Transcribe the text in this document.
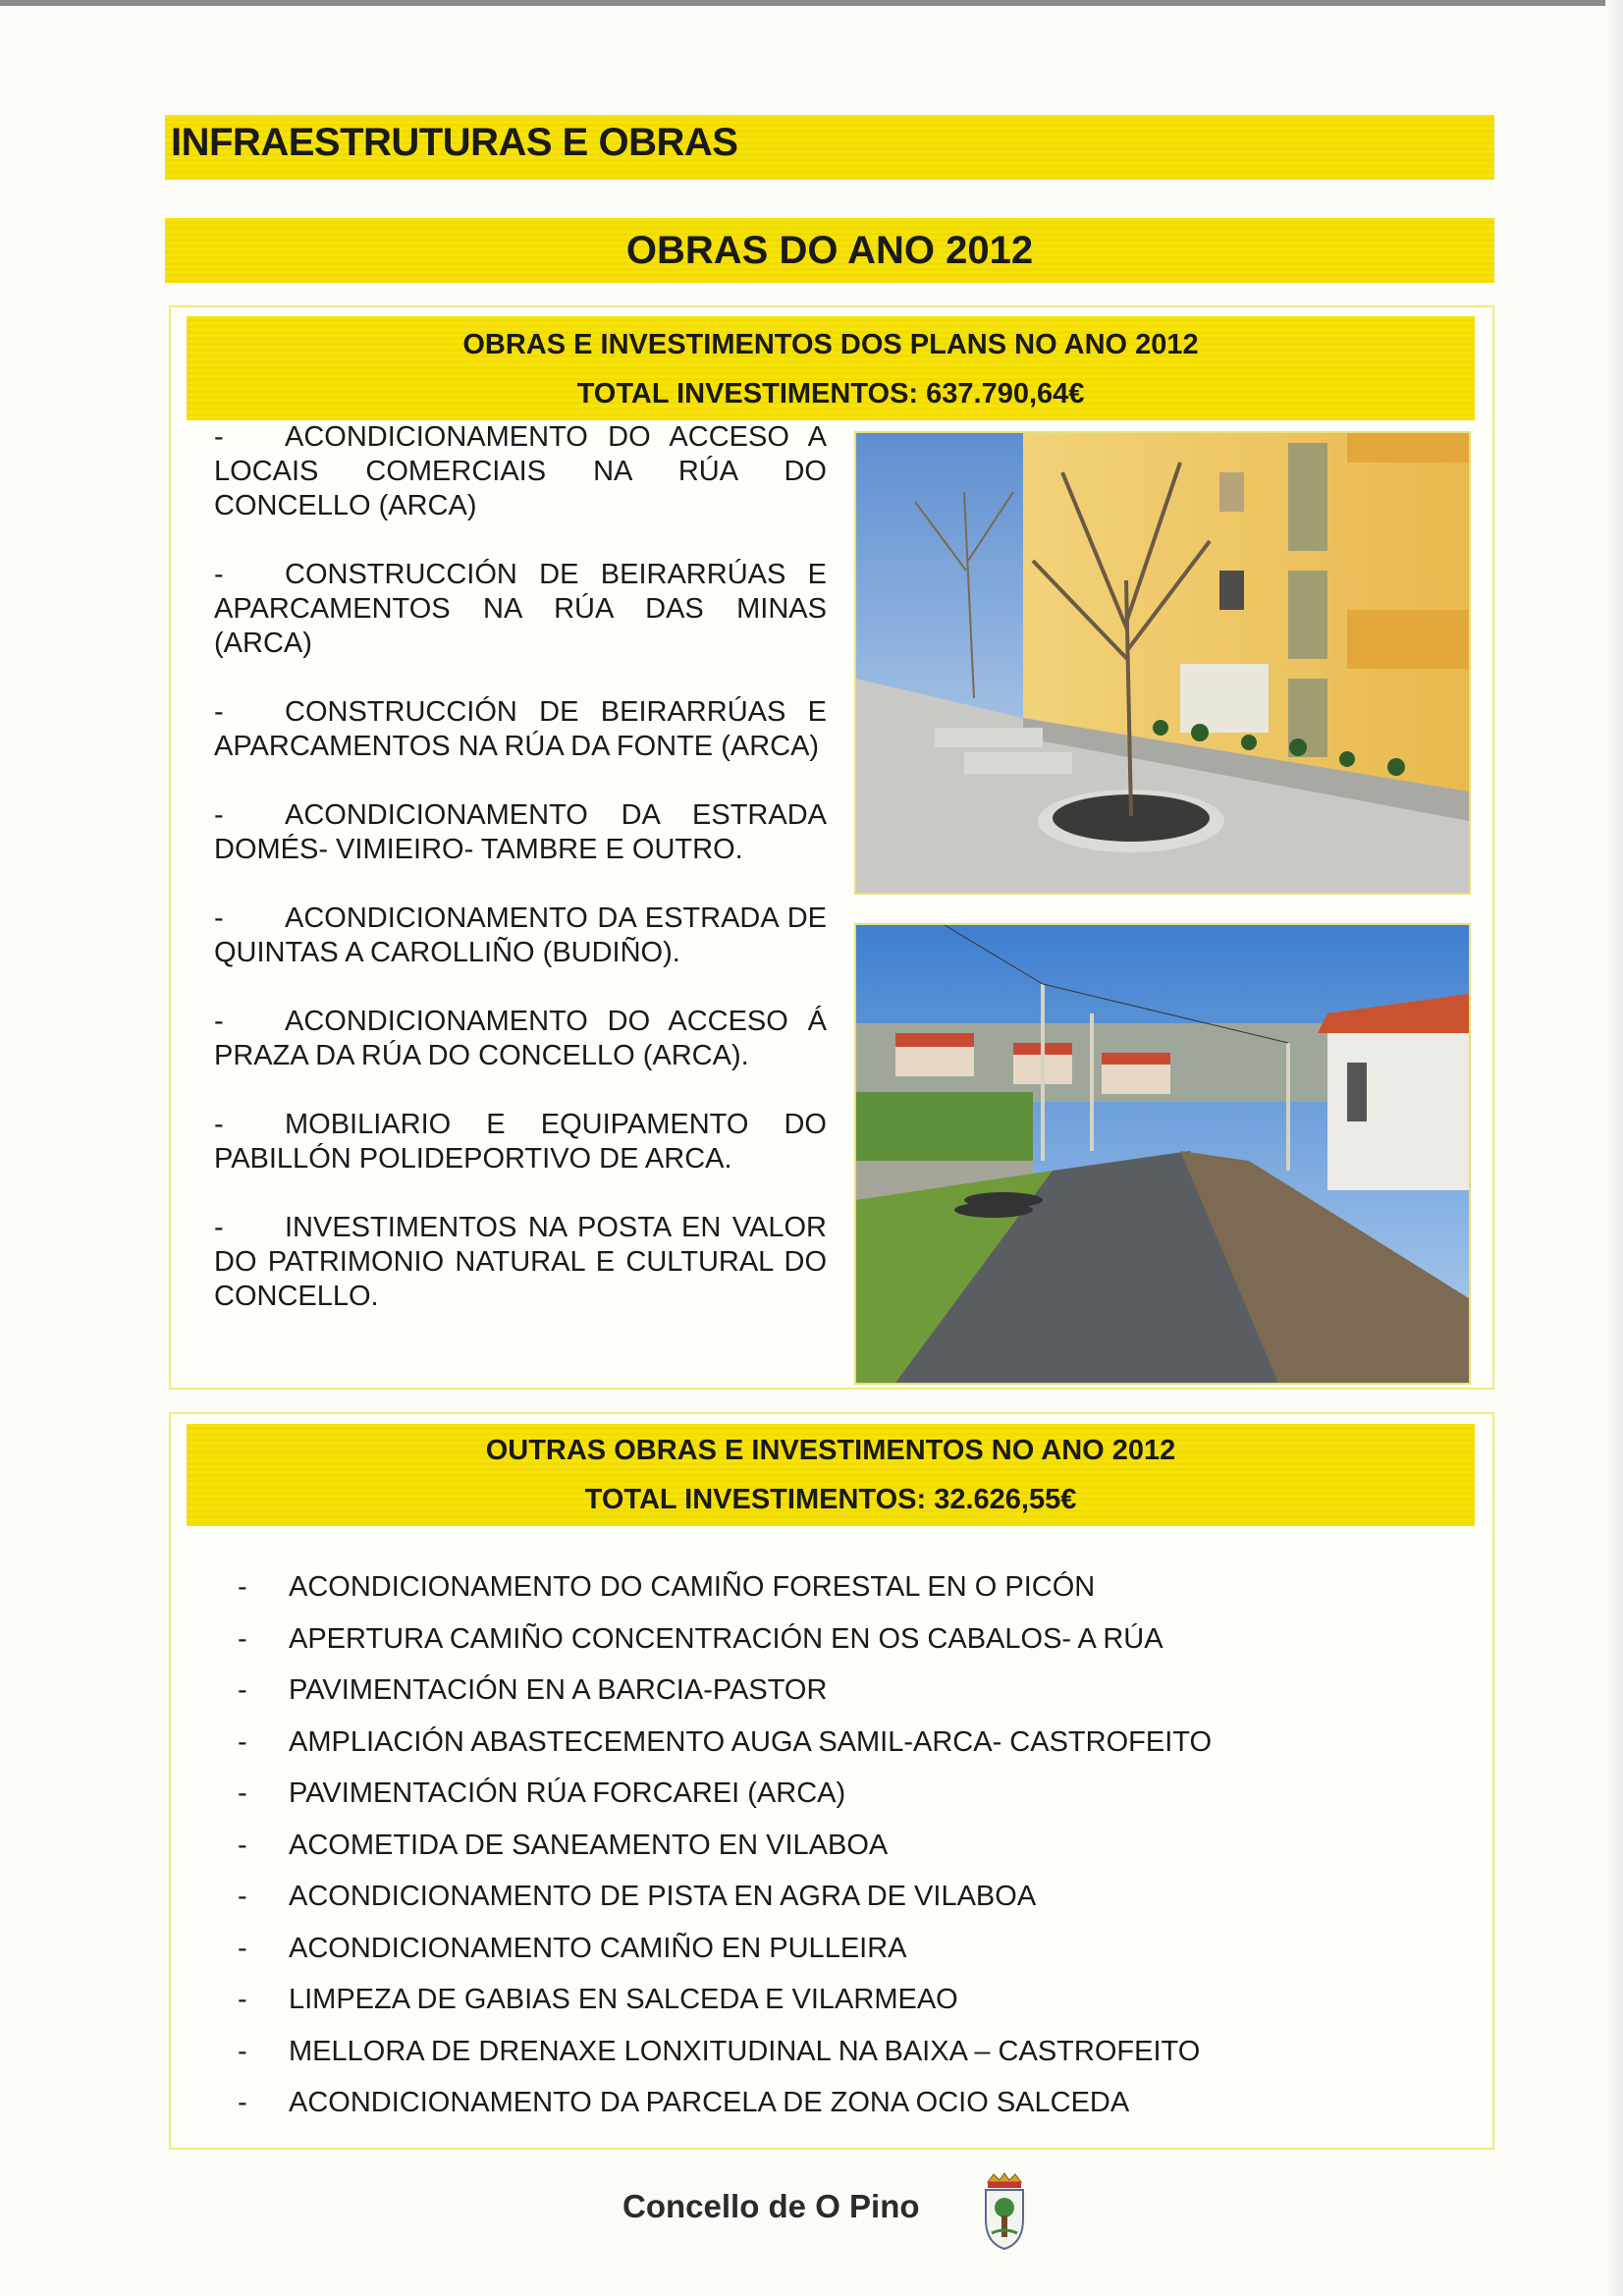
INFRAESTRUTURAS E OBRAS
OBRAS DO ANO 2012
OBRAS E INVESTIMENTOS DOS PLANS NO ANO 2012
TOTAL INVESTIMENTOS: 637.790,64€
- ACONDICIONAMENTO DO ACCESO A LOCAIS COMERCIAIS NA RÚA DO CONCELLO (ARCA)
- CONSTRUCCIÓN DE BEIRARRÚAS E APARCAMENTOS NA RÚA DAS MINAS (ARCA)
- CONSTRUCCIÓN DE BEIRARRÚAS E APARCAMENTOS NA RÚA DA FONTE (ARCA)
- ACONDICIONAMENTO DA ESTRADA DOMÉS- VIMIEIRO- TAMBRE E OUTRO.
- ACONDICIONAMENTO DA ESTRADA DE QUINTAS A CAROLLIÑO (BUDIÑO).
- ACONDICIONAMENTO DO ACCESO Á PRAZA DA RÚA DO CONCELLO (ARCA).
- MOBILIARIO E EQUIPAMENTO DO PABILLÓN POLIDEPORTIVO DE ARCA.
- INVESTIMENTOS NA POSTA EN VALOR DO PATRIMONIO NATURAL E CULTURAL DO CONCELLO.
OUTRAS OBRAS E INVESTIMENTOS NO ANO 2012
TOTAL INVESTIMENTOS: 32.626,55€
- ACONDICIONAMENTO DO CAMIÑO FORESTAL EN O PICÓN
- APERTURA CAMIÑO CONCENTRACIÓN EN OS CABALOS- A RÚA
- PAVIMENTACIÓN EN A BARCIA-PASTOR
- AMPLIACIÓN ABASTECEMENTO AUGA SAMIL-ARCA- CASTROFEITO
- PAVIMENTACIÓN RÚA FORCAREI (ARCA)
- ACOMETIDA DE SANEAMENTO EN VILABOA
- ACONDICIONAMENTO DE PISTA EN AGRA DE VILABOA
- ACONDICIONAMENTO CAMIÑO EN PULLEIRA
- LIMPEZA DE GABIAS EN SALCEDA E VILARMEAO
- MELLORA DE DRENAXE LONXITUDINAL NA BAIXA – CASTROFEITO
- ACONDICIONAMENTO DA PARCELA DE ZONA OCIO SALCEDA
Concello de O Pino
